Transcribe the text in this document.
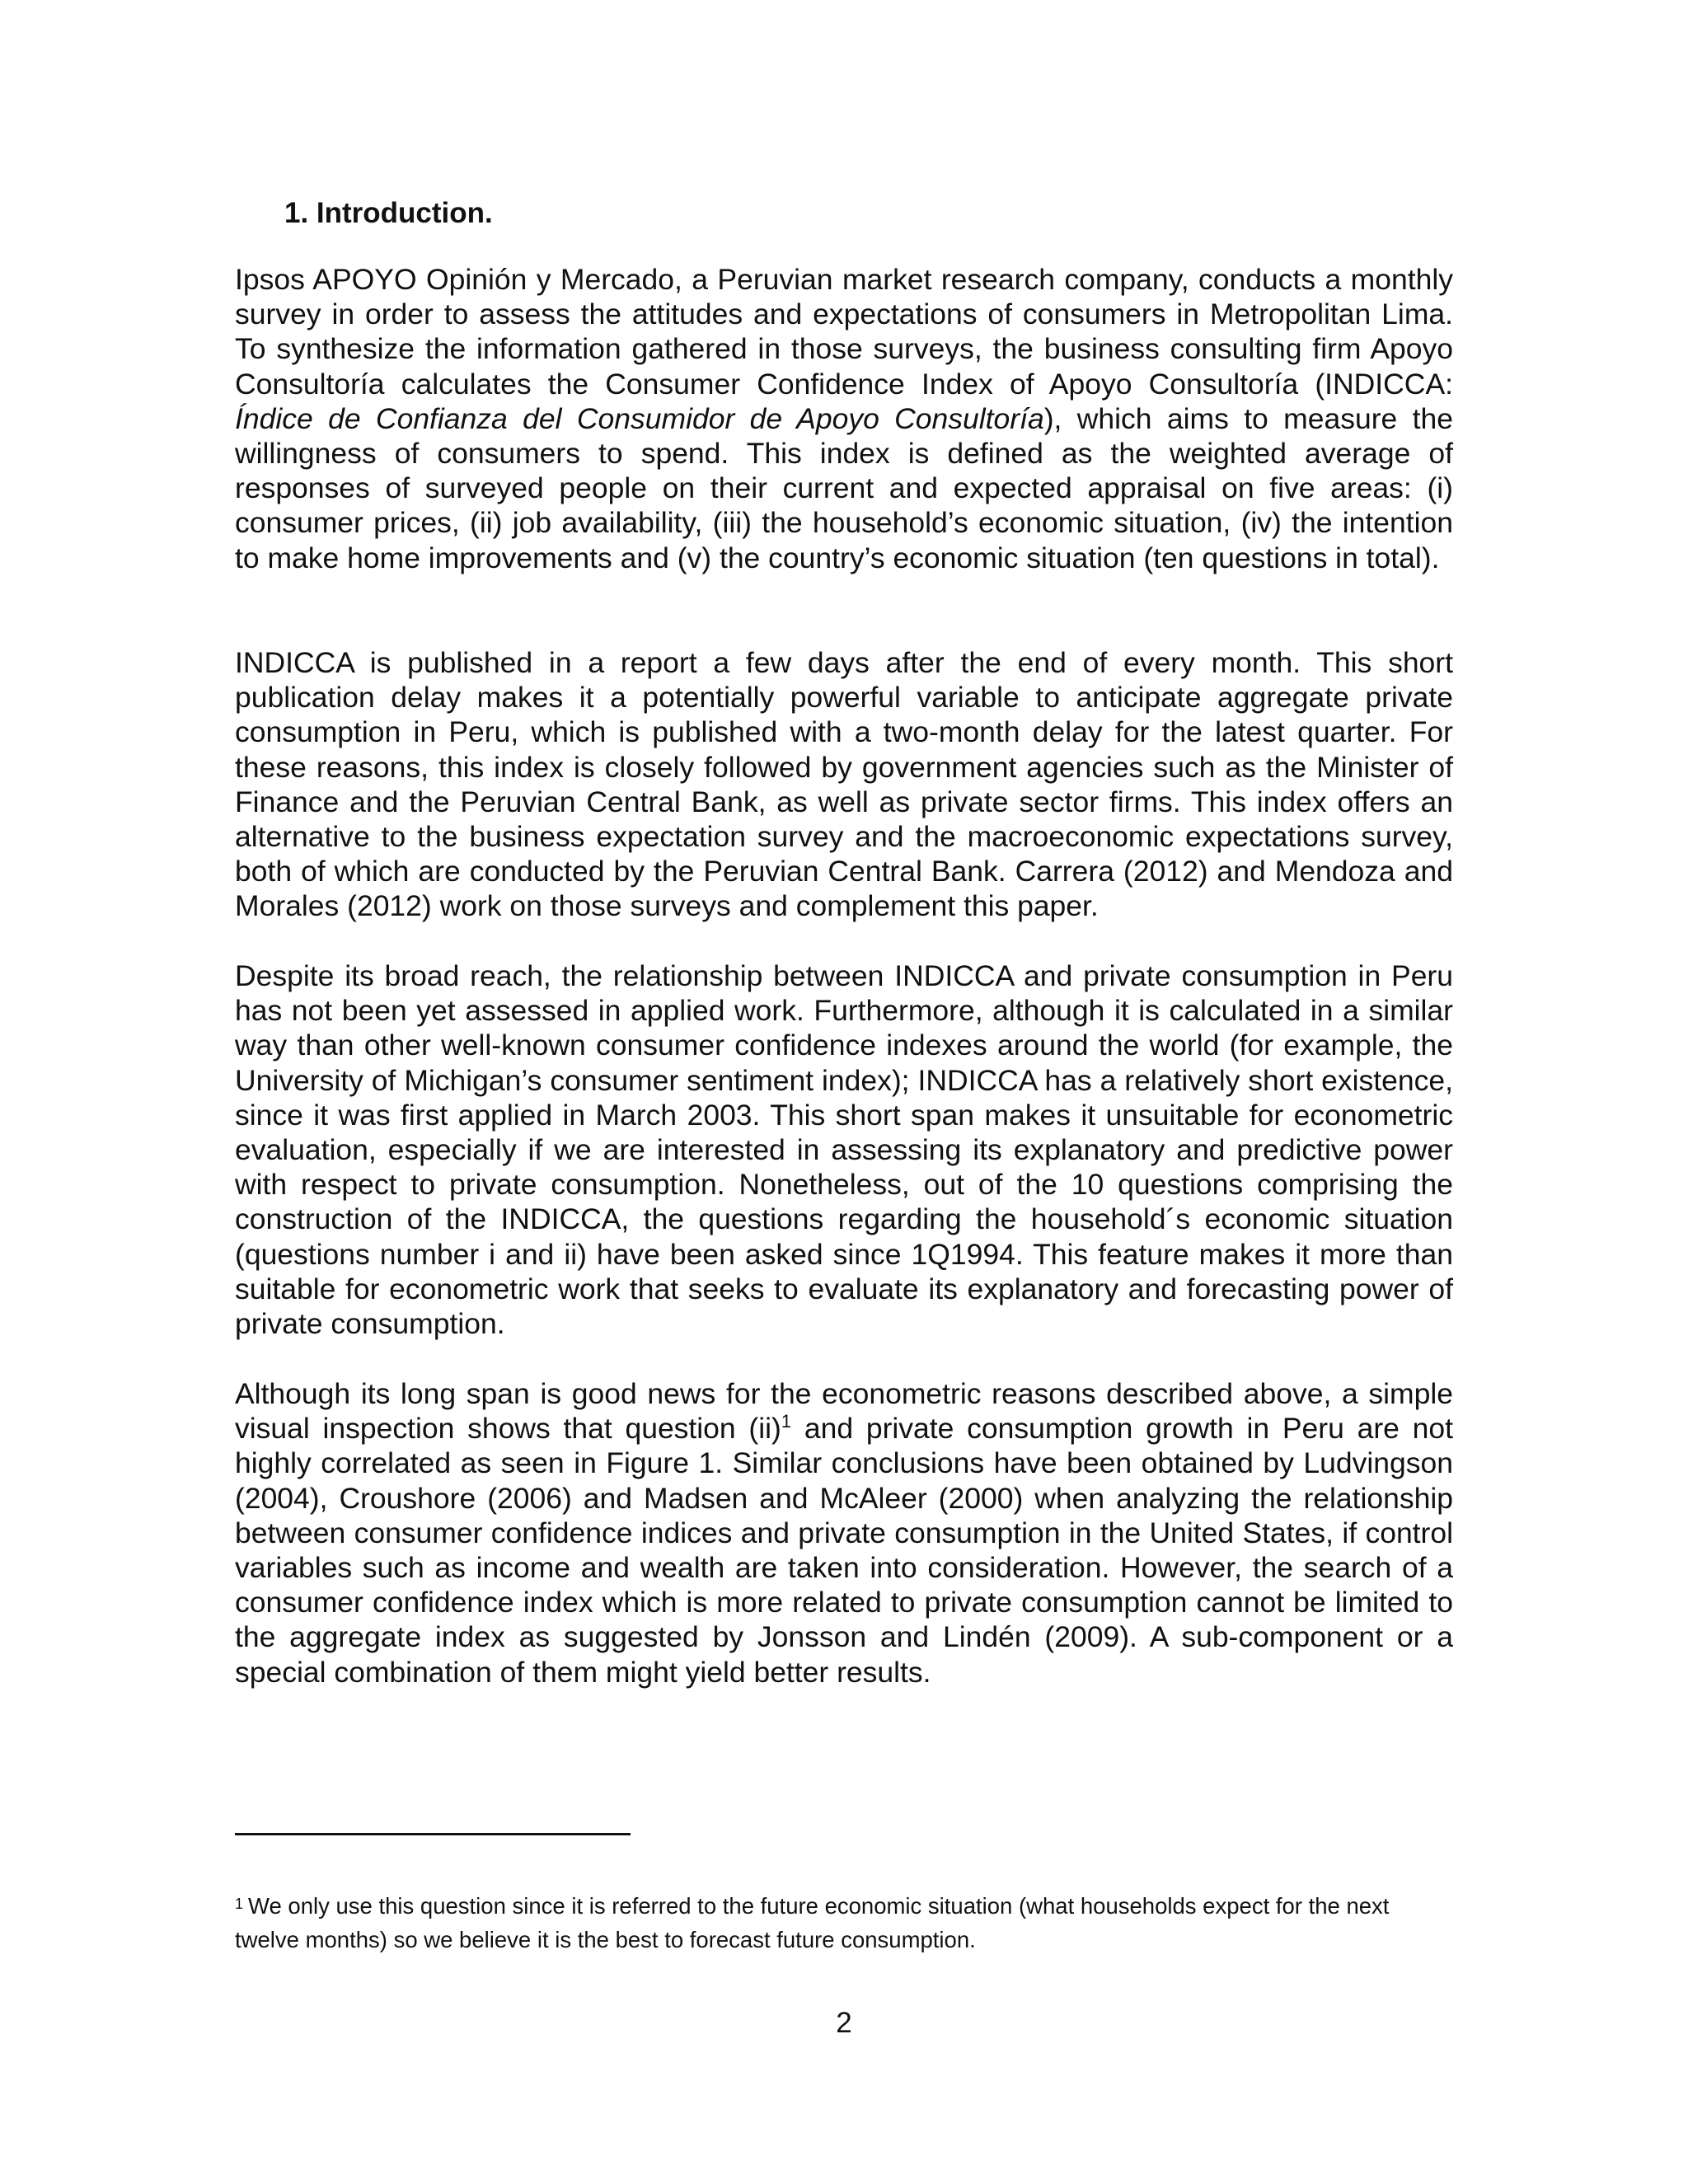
1. Introduction.

Ipsos APOYO Opinión y Mercado, a Peruvian market research company, conducts a monthly survey in order to assess the attitudes and expectations of consumers in Metropolitan Lima. To synthesize the information gathered in those surveys, the business consulting firm Apoyo Consultoría calculates the Consumer Confidence Index of Apoyo Consultoría (INDICCA: Índice de Confianza del Consumidor de Apoyo Consultoría), which aims to measure the willingness of consumers to spend. This index is defined as the weighted average of responses of surveyed people on their current and expected appraisal on five areas: (i) consumer prices, (ii) job availability, (iii) the household’s economic situation, (iv) the intention to make home improvements and (v) the country’s economic situation (ten questions in total).

INDICCA is published in a report a few days after the end of every month. This short publication delay makes it a potentially powerful variable to anticipate aggregate private consumption in Peru, which is published with a two-month delay for the latest quarter. For these reasons, this index is closely followed by government agencies such as the Minister of Finance and the Peruvian Central Bank, as well as private sector firms. This index offers an alternative to the business expectation survey and the macroeconomic expectations survey, both of which are conducted by the Peruvian Central Bank. Carrera (2012) and Mendoza and Morales (2012) work on those surveys and complement this paper.

Despite its broad reach, the relationship between INDICCA and private consumption in Peru has not been yet assessed in applied work. Furthermore, although it is calculated in a similar way than other well-known consumer confidence indexes around the world (for example, the University of Michigan’s consumer sentiment index); INDICCA has a relatively short existence, since it was first applied in March 2003. This short span makes it unsuitable for econometric evaluation, especially if we are interested in assessing its explanatory and predictive power with respect to private consumption. Nonetheless, out of the 10 questions comprising the construction of the INDICCA, the questions regarding the household´s economic situation (questions number i and ii) have been asked since 1Q1994. This feature makes it more than suitable for econometric work that seeks to evaluate its explanatory and forecasting power of private consumption.

Although its long span is good news for the econometric reasons described above, a simple visual inspection shows that question (ii)$^1$ and private consumption growth in Peru are not highly correlated as seen in Figure 1. Similar conclusions have been obtained by Ludvingson (2004), Croushore (2006) and Madsen and McAleer (2000) when analyzing the relationship between consumer confidence indices and private consumption in the United States, if control variables such as income and wealth are taken into consideration. However, the search of a consumer confidence index which is more related to private consumption cannot be limited to the aggregate index as suggested by Jonsson and Lindén (2009). A sub-component or a special combination of them might yield better results.

$^1$ We only use this question since it is referred to the future economic situation (what households expect for the next twelve months) so we believe it is the best to forecast future consumption.

2
